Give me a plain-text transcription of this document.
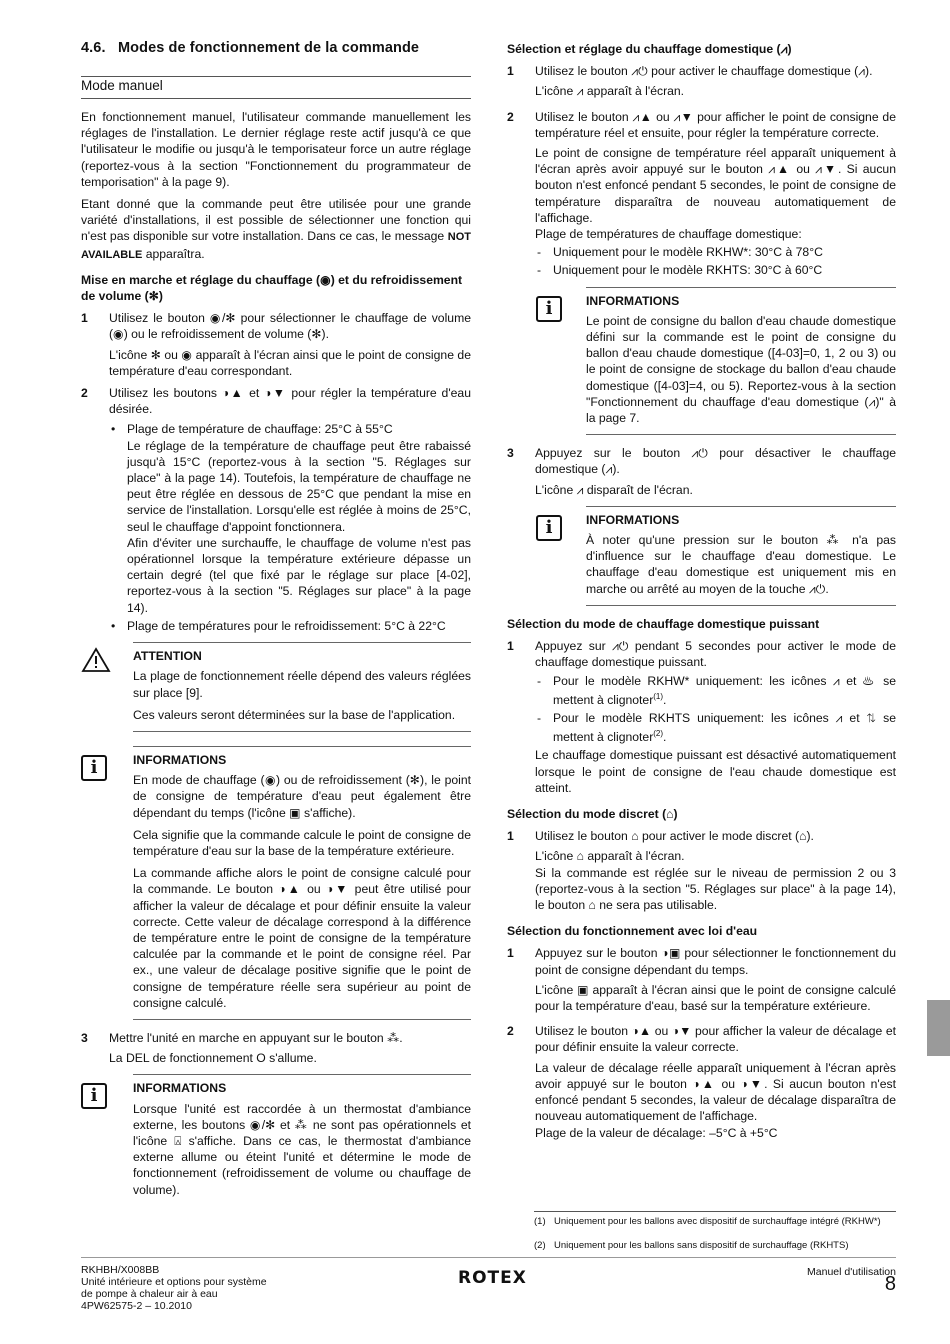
4.6. Modes de fonctionnement de la commande
Mode manuel

En fonctionnement manuel, l'utilisateur commande manuellement les réglages de l'installation. Le dernier réglage reste actif jusqu'à ce que l'utilisateur le modifie ou jusqu'à le temporisateur force un autre réglage (reportez-vous à la section "Fonctionnement du programmateur de temporisation" à la page 9).

Etant donné que la commande peut être utilisée pour une grande variété d'installations, il est possible de sélectionner une fonction qui n'est pas disponible sur votre installation. Dans ce cas, le message NOT AVAILABLE apparaîtra.

Mise en marche et réglage du chauffage (◉) et du refroidissement de volume (✻)
1 Utilisez le bouton ◉/✻ pour sélectionner le chauffage de volume (◉) ou le refroidissement de volume (✻).

L'icône ✻ ou ◉ apparaît à l'écran ainsi que le point de consigne de température d'eau correspondant.

2 Utilisez les boutons ◑▲ et ◑▼ pour régler la température d'eau désirée.

• Plage de température de chauffage: 25°C à 55°C
Le réglage de la température de chauffage peut être rabaissé jusqu'à 15°C (reportez-vous à la section "5. Réglages sur place" à la page 14). Toutefois, la température de chauffage ne peut être réglée en dessous de 25°C que pendant la mise en service de l'installation. Lorsqu'elle est réglée à moins de 25°C, seul le chauffage d'appoint fonctionnera.
Afin d'éviter une surchauffe, le chauffage de volume n'est pas opérationnel lorsque la température extérieure dépasse un certain degré (tel que fixé par le réglage sur place [4-02], reportez-vous à la section "5. Réglages sur place" à la page 14).
• Plage de températures pour le refroidissement: 5°C à 22°C
ATTENTION

La plage de fonctionnement réelle dépend des valeurs réglées sur place [9].

Ces valeurs seront déterminées sur la base de l'application.

i	INFORMATIONS

En mode de chauffage (◉) ou de refroidissement (✻), le point de consigne de température d'eau peut également être dépendant du temps (l'icône ▣ s'affiche).

Cela signifie que la commande calcule le point de consigne de température d'eau sur la base de la température extérieure.

La commande affiche alors le point de consigne calculé pour la commande. Le bouton ◑▲ ou ◑▼ peut être utilisé pour afficher la valeur de décalage et pour définir ensuite la valeur correcte. Cette valeur de décalage correspond à la différence de température entre le point de consigne de la température calculée par la commande et le point de consigne réel. Par ex., une valeur de décalage positive signifie que le point de consigne de température réelle sera supérieur au point de consigne calculé.

3 Mettre l'unité en marche en appuyant sur le bouton ⁂.

La DEL de fonctionnement O s'allume.

i	INFORMATIONS

Lorsque l'unité est raccordée à un thermostat d'ambiance externe, les boutons ◉/✻ et ⁂ ne sont pas opérationnels et l'icône ⍓ s'affiche. Dans ce cas, le thermostat d'ambiance externe allume ou éteint l'unité et détermine le mode de fonctionnement (refroidissement de volume ou chauffage de volume).

Sélection et réglage du chauffage domestique (⩘)
1 Utilisez le bouton ⩘⏻ pour activer le chauffage domestique (⩘).

L'icône ⩘ apparaît à l'écran.

2 Utilisez le bouton ⩘▲ ou ⩘▼ pour afficher le point de consigne de température réel et ensuite, pour régler la température correcte.

Le point de consigne de température réel apparaît uniquement à l'écran après avoir appuyé sur le bouton ⩘▲ ou ⩘▼. Si aucun bouton n'est enfoncé pendant 5 secondes, le point de consigne de température disparaîtra de nouveau automatiquement de l'affichage.

Plage de températures de chauffage domestique:

- Uniquement pour le modèle RKHW*: 30°C à 78°C
- Uniquement pour le modèle RKHTS: 30°C à 60°C
i	INFORMATIONS

Le point de consigne du ballon d'eau chaude domestique défini sur la commande est le point de consigne du ballon d'eau chaude domestique ([4-03]=0, 1, 2 ou 3) ou le point de consigne de stockage du ballon d'eau chaude domestique ([4-03]=4, ou 5). Reportez-vous à la section "Fonctionnement du chauffage d'eau domestique (⩘)" à la page 7.

3 Appuyez sur le bouton ⩘⏻ pour désactiver le chauffage domestique (⩘).

L'icône ⩘ disparaît de l'écran.

i	INFORMATIONS

À noter qu'une pression sur le bouton ⁂ n'a pas d'influence sur le chauffage d'eau domestique. Le chauffage d'eau domestique est uniquement mis en marche ou arrêté au moyen de la touche ⩘⏻.

Sélection du mode de chauffage domestique puissant
1 Appuyez sur ⩘⏻ pendant 5 secondes pour activer le mode de chauffage domestique puissant.

- Pour le modèle RKHW* uniquement: les icônes ⩘ et ♨ se mettent à clignoter$^{(1)}$.
- Pour le modèle RKHTS uniquement: les icônes ⩘ et ⇅ se mettent à clignoter$^{(2)}$.

Le chauffage domestique puissant est désactivé automatiquement lorsque le point de consigne de l'eau chaude domestique est atteint.

Sélection du mode discret (⌂)
1 Utilisez le bouton ⌂ pour activer le mode discret (⌂).

L'icône ⌂ apparaît à l'écran.
Si la commande est réglée sur le niveau de permission 2 ou 3 (reportez-vous à la section "5. Réglages sur place" à la page 14), le bouton ⌂ ne sera pas utilisable.

Sélection du fonctionnement avec loi d'eau
1 Appuyez sur le bouton ◑▣ pour sélectionner le fonctionnement du point de consigne dépendant du temps.

L'icône ▣ apparaît à l'écran ainsi que le point de consigne calculé pour la température d'eau, basé sur la température extérieure.

2 Utilisez le bouton ◑▲ ou ◑▼ pour afficher la valeur de décalage et pour définir ensuite la valeur correcte.

La valeur de décalage réelle apparaît uniquement à l'écran après avoir appuyé sur le bouton ◑▲ ou ◑▼. Si aucun bouton n'est enfoncé pendant 5 secondes, la valeur de décalage disparaîtra de nouveau automatiquement de l'affichage.
Plage de la valeur de décalage: –5°C à +5°C

(1) Uniquement pour les ballons avec dispositif de surchauffage intégré (RKHW*)
(2) Uniquement pour les ballons sans dispositif de surchauffage (RKHTS)
RKHBH/X008BB
Unité intérieure et options pour système
de pompe à chaleur air à eau
4PW62575-2 – 10.2010
ROTEX	Manuel d'utilisation
8
